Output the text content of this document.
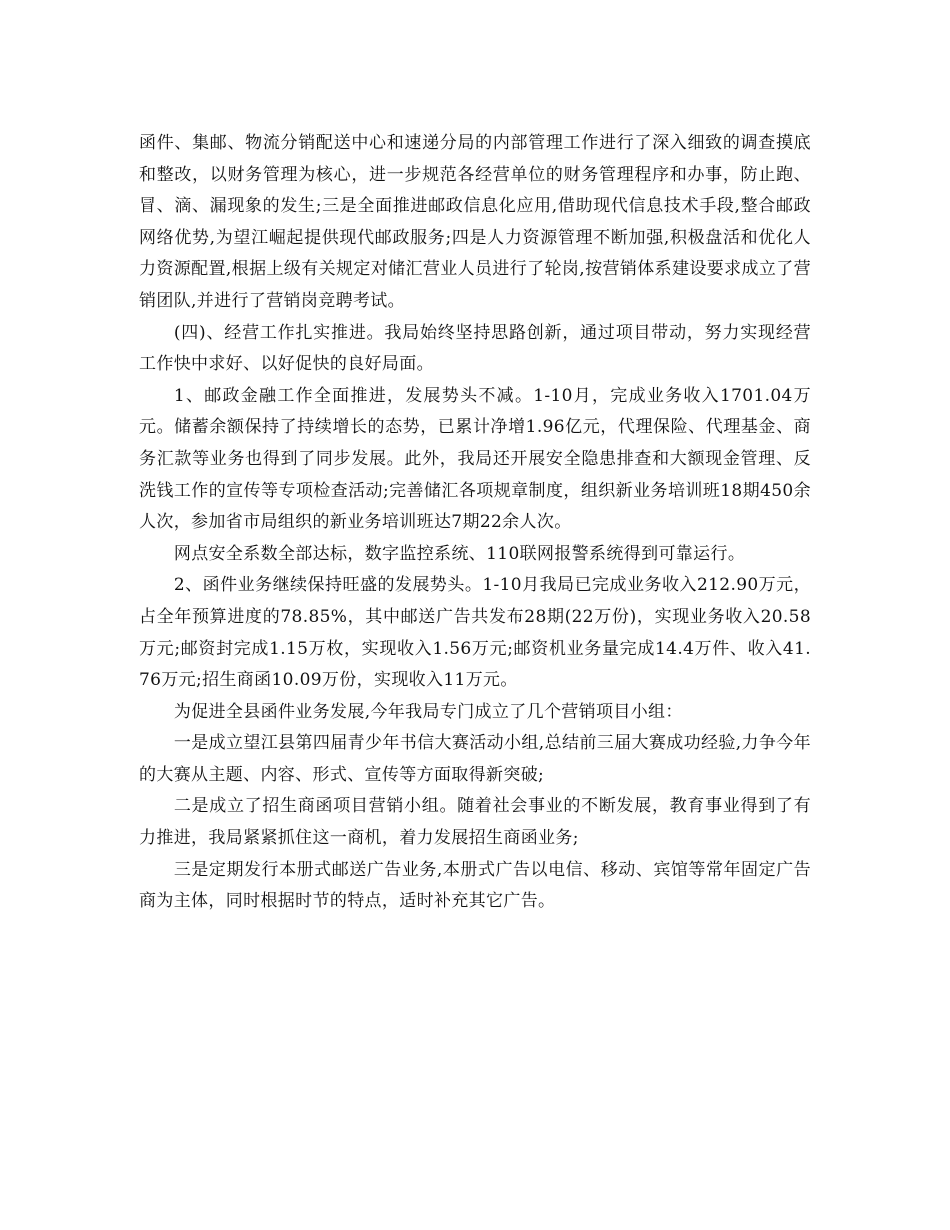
函件、集邮、物流分销配送中心和速递分局的内部管理工作进行了深入细致的调查摸底和整改，以财务管理为核心，进一步规范各经营单位的财务管理程序和办事，防止跑、冒、滴、漏现象的发生;三是全面推进邮政信息化应用,借助现代信息技术手段,整合邮政网络优势,为望江崛起提供现代邮政服务;四是人力资源管理不断加强,积极盘活和优化人力资源配置,根据上级有关规定对储汇营业人员进行了轮岗,按营销体系建设要求成立了营销团队,并进行了营销岗竞聘考试。

(四)、经营工作扎实推进。我局始终坚持思路创新，通过项目带动，努力实现经营工作快中求好、以好促快的良好局面。

1、邮政金融工作全面推进，发展势头不减。1-10月，完成业务收入1701.04万元。储蓄余额保持了持续增长的态势，已累计净增1.96亿元，代理保险、代理基金、商务汇款等业务也得到了同步发展。此外，我局还开展安全隐患排查和大额现金管理、反洗钱工作的宣传等专项检查活动;完善储汇各项规章制度，组织新业务培训班18期450余人次，参加省市局组织的新业务培训班达7期22余人次。

网点安全系数全部达标，数字监控系统、110联网报警系统得到可靠运行。

2、函件业务继续保持旺盛的发展势头。1-10月我局已完成业务收入212.90万元，占全年预算进度的78.85%，其中邮送广告共发布28期(22万份)，实现业务收入20.58万元;邮资封完成1.15万枚，实现收入1.56万元;邮资机业务量完成14.4万件、收入41.76万元;招生商函10.09万份，实现收入11万元。

为促进全县函件业务发展,今年我局专门成立了几个营销项目小组：

一是成立望江县第四届青少年书信大赛活动小组,总结前三届大赛成功经验,力争今年的大赛从主题、内容、形式、宣传等方面取得新突破;

二是成立了招生商函项目营销小组。随着社会事业的不断发展，教育事业得到了有力推进，我局紧紧抓住这一商机，着力发展招生商函业务;

三是定期发行本册式邮送广告业务,本册式广告以电信、移动、宾馆等常年固定广告商为主体，同时根据时节的特点，适时补充其它广告。
